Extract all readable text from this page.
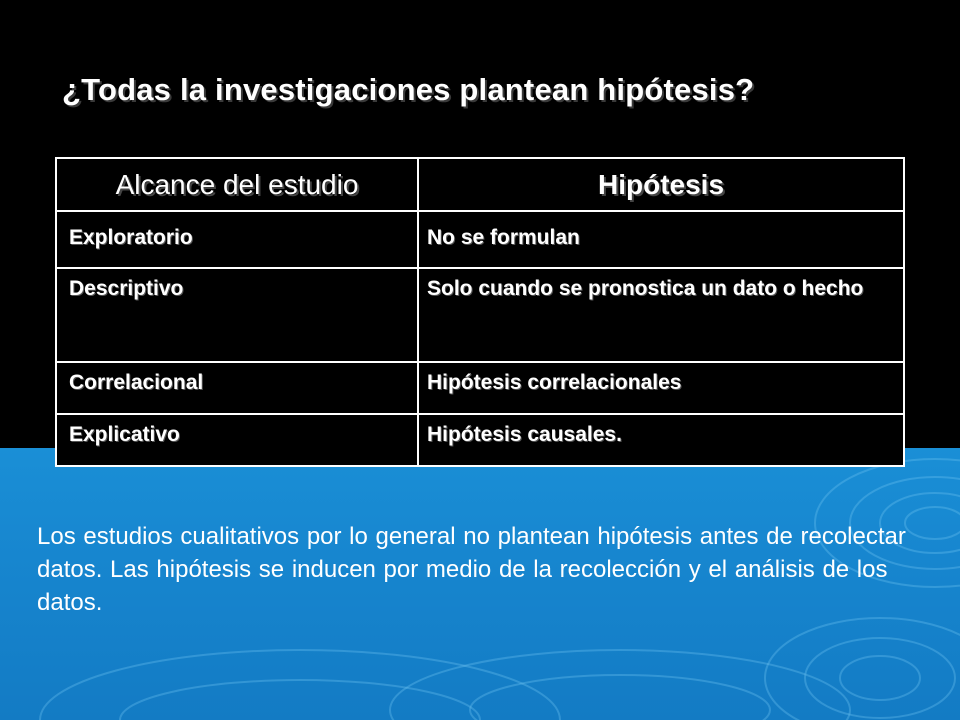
¿Todas la investigaciones plantean hipótesis?
Alcance del estudio	Hipótesis
Exploratorio	No se formulan
Descriptivo	Solo cuando se pronostica un dato o hecho
Correlacional	Hipótesis correlacionales
Explicativo	Hipótesis causales.

Los estudios cualitativos por lo general no plantean hipótesis antes de recolectar datos. Las hipótesis se inducen por medio de la recolección y el análisis de los datos.
